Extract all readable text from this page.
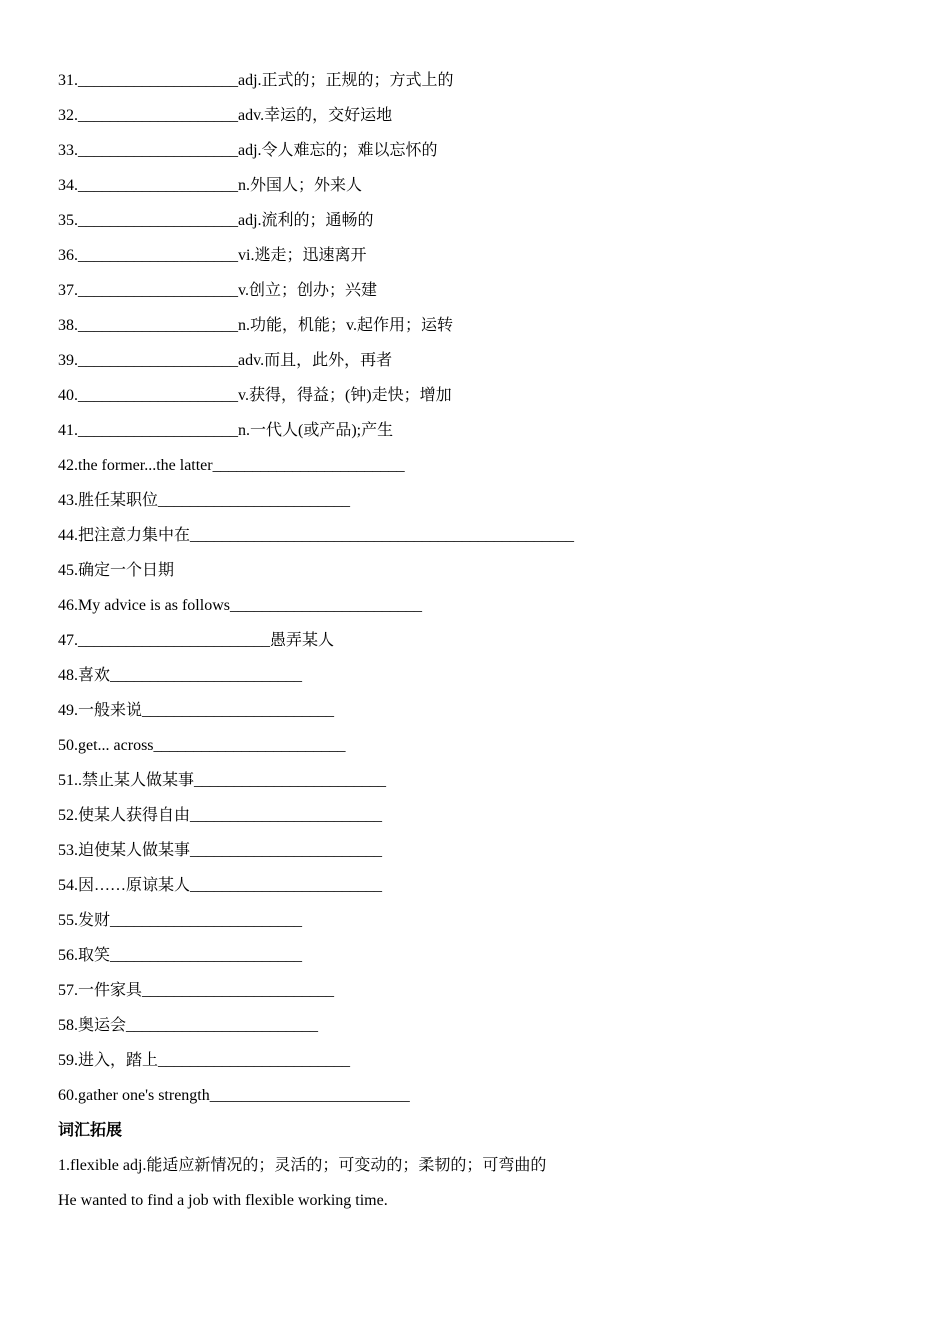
31.____________________adj.正式的；正规的；方式上的
32.____________________adv.幸运的，交好运地
33.____________________adj.令人难忘的；难以忘怀的
34.____________________n.外国人；外来人
35.____________________adj.流利的；通畅的
36.____________________vi.逃走；迅速离开
37.____________________v.创立；创办；兴建
38.____________________n.功能，机能；v.起作用；运转
39.____________________adv.而且，此外，再者
40.____________________v.获得，得益；(钟)走快；增加
41.____________________n.一代人(或产品);产生
42.the former...the latter________________________
43.胜任某职位________________________
44.把注意力集中在________________________________________________
45.确定一个日期
46.My advice is as follows________________________
47.________________________愚弄某人
48.喜欢________________________
49.一般来说________________________
50.get... across________________________
51..禁止某人做某事________________________
52.使某人获得自由________________________
53.迫使某人做某事________________________
54.因……原谅某人________________________
55.发财________________________
56.取笑________________________
57.一件家具________________________
58.奥运会________________________
59.进入，踏上________________________
60.gather one's strength_________________________
词汇拓展
1.flexible adj.能适应新情况的；灵活的；可变动的；柔韧的；可弯曲的
He wanted to find a job with flexible working time.
